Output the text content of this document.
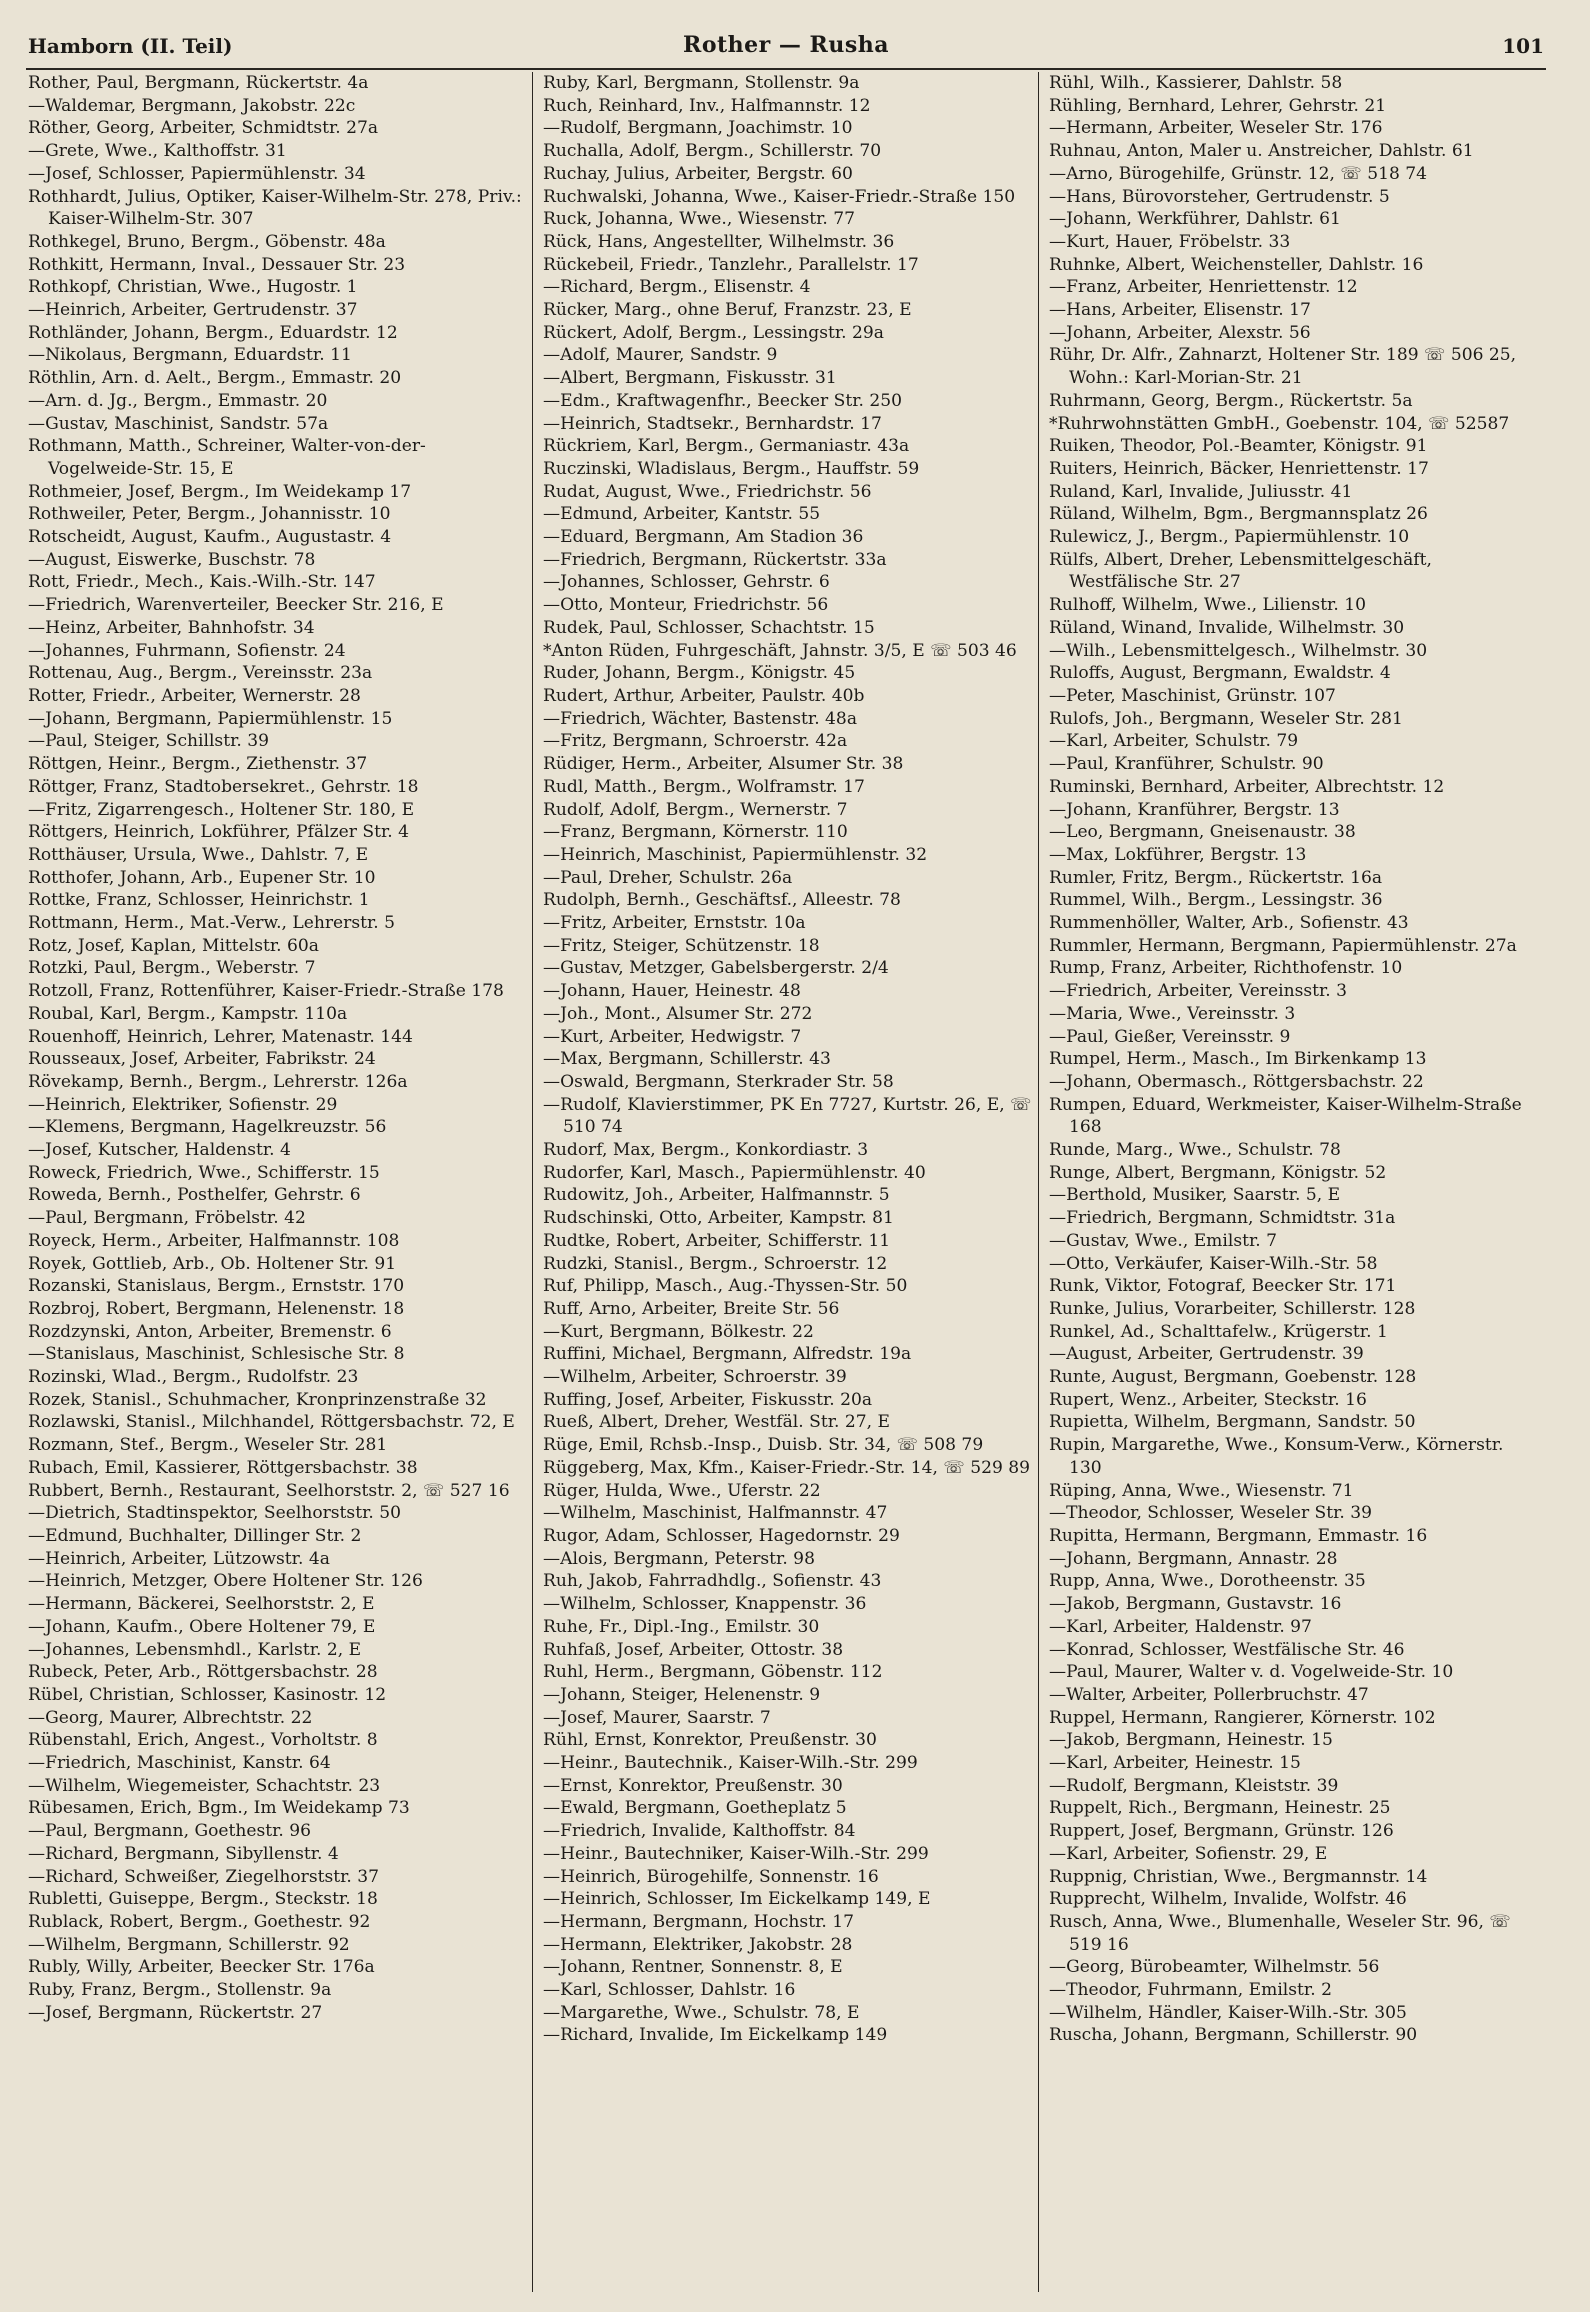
Hamborn (II. Teil)	Rother — Rusha	101
Rother, Paul, Bergmann, Rückertstr. 4a
—Waldemar, Bergmann, Jakobstr. 22c
Röther, Georg, Arbeiter, Schmidtstr. 27a
—Grete, Wwe., Kalthoffstr. 31
—Josef, Schlosser, Papiermühlenstr. 34
Rothhardt, Julius, Optiker, Kaiser-Wilhelm-Str. 278, Priv.: Kaiser-Wilhelm-Str. 307
Rothkegel, Bruno, Bergm., Göbenstr. 48a
Rothkitt, Hermann, Inval., Dessauer Str. 23
Rothkopf, Christian, Wwe., Hugostr. 1
—Heinrich, Arbeiter, Gertrudenstr. 37
Rothländer, Johann, Bergm., Eduardstr. 12
—Nikolaus, Bergmann, Eduardstr. 11
Röthlin, Arn. d. Aelt., Bergm., Emmastr. 20
—Arn. d. Jg., Bergm., Emmastr. 20
—Gustav, Maschinist, Sandstr. 57a
Rothmann, Matth., Schreiner, Walter-von-der-Vogelweide-Str. 15, E
Rothmeier, Josef, Bergm., Im Weidekamp 17
Rothweiler, Peter, Bergm., Johannisstr. 10
Rotscheidt, August, Kaufm., Augustastr. 4
—August, Eiswerke, Buschstr. 78
Rott, Friedr., Mech., Kais.-Wilh.-Str. 147
—Friedrich, Warenverteiler, Beecker Str. 216, E
—Heinz, Arbeiter, Bahnhofstr. 34
—Johannes, Fuhrmann, Sofienstr. 24
Rottenau, Aug., Bergm., Vereinsstr. 23a
Rotter, Friedr., Arbeiter, Wernerstr. 28
—Johann, Bergmann, Papiermühlenstr. 15
—Paul, Steiger, Schillstr. 39
Röttgen, Heinr., Bergm., Ziethenstr. 37
Röttger, Franz, Stadtobersekret., Gehrstr. 18
—Fritz, Zigarrengesch., Holtener Str. 180, E
Röttgers, Heinrich, Lokführer, Pfälzer Str. 4
Rotthäuser, Ursula, Wwe., Dahlstr. 7, E
Rotthofer, Johann, Arb., Eupener Str. 10
Rottke, Franz, Schlosser, Heinrichstr. 1
Rottmann, Herm., Mat.-Verw., Lehrerstr. 5
Rotz, Josef, Kaplan, Mittelstr. 60a
Rotzki, Paul, Bergm., Weberstr. 7
Rotzoll, Franz, Rottenführer, Kaiser-Friedr.-Straße 178
Roubal, Karl, Bergm., Kampstr. 110a
Rouenhoff, Heinrich, Lehrer, Matenastr. 144
Rousseaux, Josef, Arbeiter, Fabrikstr. 24
Rövekamp, Bernh., Bergm., Lehrerstr. 126a
—Heinrich, Elektriker, Sofienstr. 29
—Klemens, Bergmann, Hagelkreuzstr. 56
—Josef, Kutscher, Haldenstr. 4
Roweck, Friedrich, Wwe., Schifferstr. 15
Roweda, Bernh., Posthelfer, Gehrstr. 6
—Paul, Bergmann, Fröbelstr. 42
Royeck, Herm., Arbeiter, Halfmannstr. 108
Royek, Gottlieb, Arb., Ob. Holtener Str. 91
Rozanski, Stanislaus, Bergm., Ernststr. 170
Rozbroj, Robert, Bergmann, Helenenstr. 18
Rozdzynski, Anton, Arbeiter, Bremenstr. 6
—Stanislaus, Maschinist, Schlesische Str. 8
Rozinski, Wlad., Bergm., Rudolfstr. 23
Rozek, Stanisl., Schuhmacher, Kronprinzenstraße 32
Rozlawski, Stanisl., Milchhandel, Röttgersbachstr. 72, E
Rozmann, Stef., Bergm., Weseler Str. 281
Rubach, Emil, Kassierer, Röttgersbachstr. 38
Rubbert, Bernh., Restaurant, Seelhorststr. 2, ☏ 527 16
—Dietrich, Stadtinspektor, Seelhorststr. 50
—Edmund, Buchhalter, Dillinger Str. 2
—Heinrich, Arbeiter, Lützowstr. 4a
—Heinrich, Metzger, Obere Holtener Str. 126
—Hermann, Bäckerei, Seelhorststr. 2, E
—Johann, Kaufm., Obere Holtener 79, E
—Johannes, Lebensmhdl., Karlstr. 2, E
Rubeck, Peter, Arb., Röttgersbachstr. 28
Rübel, Christian, Schlosser, Kasinostr. 12
—Georg, Maurer, Albrechtstr. 22
Rübenstahl, Erich, Angest., Vorholtstr. 8
—Friedrich, Maschinist, Kanstr. 64
—Wilhelm, Wiegemeister, Schachtstr. 23
Rübesamen, Erich, Bgm., Im Weidekamp 73
—Paul, Bergmann, Goethestr. 96
—Richard, Bergmann, Sibyllenstr. 4
—Richard, Schweißer, Ziegelhorststr. 37
Rubletti, Guiseppe, Bergm., Steckstr. 18
Rublack, Robert, Bergm., Goethestr. 92
—Wilhelm, Bergmann, Schillerstr. 92
Rubly, Willy, Arbeiter, Beecker Str. 176a
Ruby, Franz, Bergm., Stollenstr. 9a
—Josef, Bergmann, Rückertstr. 27
Ruby, Karl, Bergmann, Stollenstr. 9a
Ruch, Reinhard, Inv., Halfmannstr. 12
—Rudolf, Bergmann, Joachimstr. 10
Ruchalla, Adolf, Bergm., Schillerstr. 70
Ruchay, Julius, Arbeiter, Bergstr. 60
Ruchwalski, Johanna, Wwe., Kaiser-Friedr.-Straße 150
Ruck, Johanna, Wwe., Wiesenstr. 77
Rück, Hans, Angestellter, Wilhelmstr. 36
Rückebeil, Friedr., Tanzlehr., Parallelstr. 17
—Richard, Bergm., Elisenstr. 4
Rücker, Marg., ohne Beruf, Franzstr. 23, E
Rückert, Adolf, Bergm., Lessingstr. 29a
—Adolf, Maurer, Sandstr. 9
—Albert, Bergmann, Fiskusstr. 31
—Edm., Kraftwagenfhr., Beecker Str. 250
—Heinrich, Stadtsekr., Bernhardstr. 17
Rückriem, Karl, Bergm., Germaniastr. 43a
Ruczinski, Wladislaus, Bergm., Hauffstr. 59
Rudat, August, Wwe., Friedrichstr. 56
—Edmund, Arbeiter, Kantstr. 55
—Eduard, Bergmann, Am Stadion 36
—Friedrich, Bergmann, Rückertstr. 33a
—Johannes, Schlosser, Gehrstr. 6
—Otto, Monteur, Friedrichstr. 56
Rudek, Paul, Schlosser, Schachtstr. 15
*Anton Rüden, Fuhrgeschäft, Jahnstr. 3/5, E ☏ 503 46
Ruder, Johann, Bergm., Königstr. 45
Rudert, Arthur, Arbeiter, Paulstr. 40b
—Friedrich, Wächter, Bastenstr. 48a
—Fritz, Bergmann, Schroerstr. 42a
Rüdiger, Herm., Arbeiter, Alsumer Str. 38
Rudl, Matth., Bergm., Wolframstr. 17
Rudolf, Adolf, Bergm., Wernerstr. 7
—Franz, Bergmann, Körnerstr. 110
—Heinrich, Maschinist, Papiermühlenstr. 32
—Paul, Dreher, Schulstr. 26a
Rudolph, Bernh., Geschäftsf., Alleestr. 78
—Fritz, Arbeiter, Ernststr. 10a
—Fritz, Steiger, Schützenstr. 18
—Gustav, Metzger, Gabelsbergerstr. 2/4
—Johann, Hauer, Heinestr. 48
—Joh., Mont., Alsumer Str. 272
—Kurt, Arbeiter, Hedwigstr. 7
—Max, Bergmann, Schillerstr. 43
—Oswald, Bergmann, Sterkrader Str. 58
—Rudolf, Klavierstimmer, PK En 7727, Kurtstr. 26, E, ☏ 510 74
Rudorf, Max, Bergm., Konkordiastr. 3
Rudorfer, Karl, Masch., Papiermühlenstr. 40
Rudowitz, Joh., Arbeiter, Halfmannstr. 5
Rudschinski, Otto, Arbeiter, Kampstr. 81
Rudtke, Robert, Arbeiter, Schifferstr. 11
Rudzki, Stanisl., Bergm., Schroerstr. 12
Ruf, Philipp, Masch., Aug.-Thyssen-Str. 50
Ruff, Arno, Arbeiter, Breite Str. 56
—Kurt, Bergmann, Bölkestr. 22
Ruffini, Michael, Bergmann, Alfredstr. 19a
—Wilhelm, Arbeiter, Schroerstr. 39
Ruffing, Josef, Arbeiter, Fiskusstr. 20a
Rueß, Albert, Dreher, Westfäl. Str. 27, E
Rüge, Emil, Rchsb.-Insp., Duisb. Str. 34, ☏ 508 79
Rüggeberg, Max, Kfm., Kaiser-Friedr.-Str. 14, ☏ 529 89
Rüger, Hulda, Wwe., Uferstr. 22
—Wilhelm, Maschinist, Halfmannstr. 47
Rugor, Adam, Schlosser, Hagedornstr. 29
—Alois, Bergmann, Peterstr. 98
Ruh, Jakob, Fahrradhdlg., Sofienstr. 43
—Wilhelm, Schlosser, Knappenstr. 36
Ruhe, Fr., Dipl.-Ing., Emilstr. 30
Ruhfaß, Josef, Arbeiter, Ottostr. 38
Ruhl, Herm., Bergmann, Göbenstr. 112
—Johann, Steiger, Helenenstr. 9
—Josef, Maurer, Saarstr. 7
Rühl, Ernst, Konrektor, Preußenstr. 30
—Heinr., Bautechnik., Kaiser-Wilh.-Str. 299
—Ernst, Konrektor, Preußenstr. 30
—Ewald, Bergmann, Goetheplatz 5
—Friedrich, Invalide, Kalthoffstr. 84
—Heinr., Bautechniker, Kaiser-Wilh.-Str. 299
—Heinrich, Bürogehilfe, Sonnenstr. 16
—Heinrich, Schlosser, Im Eickelkamp 149, E
—Hermann, Bergmann, Hochstr. 17
—Hermann, Elektriker, Jakobstr. 28
—Johann, Rentner, Sonnenstr. 8, E
—Karl, Schlosser, Dahlstr. 16
—Margarethe, Wwe., Schulstr. 78, E
—Richard, Invalide, Im Eickelkamp 149
Rühl, Wilh., Kassierer, Dahlstr. 58
Rühling, Bernhard, Lehrer, Gehrstr. 21
—Hermann, Arbeiter, Weseler Str. 176
Ruhnau, Anton, Maler u. Anstreicher, Dahlstr. 61
—Arno, Bürogehilfe, Grünstr. 12, ☏ 518 74
—Hans, Bürovorsteher, Gertrudenstr. 5
—Johann, Werkführer, Dahlstr. 61
—Kurt, Hauer, Fröbelstr. 33
Ruhnke, Albert, Weichensteller, Dahlstr. 16
—Franz, Arbeiter, Henriettenstr. 12
—Hans, Arbeiter, Elisenstr. 17
—Johann, Arbeiter, Alexstr. 56
Rühr, Dr. Alfr., Zahnarzt, Holtener Str. 189 ☏ 506 25, Wohn.: Karl-Morian-Str. 21
Ruhrmann, Georg, Bergm., Rückertstr. 5a
*Ruhrwohnstätten GmbH., Goebenstr. 104, ☏ 52587
Ruiken, Theodor, Pol.-Beamter, Königstr. 91
Ruiters, Heinrich, Bäcker, Henriettenstr. 17
Ruland, Karl, Invalide, Juliusstr. 41
Rüland, Wilhelm, Bgm., Bergmannsplatz 26
Rulewicz, J., Bergm., Papiermühlenstr. 10
Rülfs, Albert, Dreher, Lebensmittelgeschäft, Westfälische Str. 27
Rulhoff, Wilhelm, Wwe., Lilienstr. 10
Rüland, Winand, Invalide, Wilhelmstr. 30
—Wilh., Lebensmittelgesch., Wilhelmstr. 30
Ruloffs, August, Bergmann, Ewaldstr. 4
—Peter, Maschinist, Grünstr. 107
Rulofs, Joh., Bergmann, Weseler Str. 281
—Karl, Arbeiter, Schulstr. 79
—Paul, Kranführer, Schulstr. 90
Ruminski, Bernhard, Arbeiter, Albrechtstr. 12
—Johann, Kranführer, Bergstr. 13
—Leo, Bergmann, Gneisenaustr. 38
—Max, Lokführer, Bergstr. 13
Rumler, Fritz, Bergm., Rückertstr. 16a
Rummel, Wilh., Bergm., Lessingstr. 36
Rummenhöller, Walter, Arb., Sofienstr. 43
Rummler, Hermann, Bergmann, Papiermühlenstr. 27a
Rump, Franz, Arbeiter, Richthofenstr. 10
—Friedrich, Arbeiter, Vereinsstr. 3
—Maria, Wwe., Vereinsstr. 3
—Paul, Gießer, Vereinsstr. 9
Rumpel, Herm., Masch., Im Birkenkamp 13
—Johann, Obermasch., Röttgersbachstr. 22
Rumpen, Eduard, Werkmeister, Kaiser-Wilhelm-Straße 168
Runde, Marg., Wwe., Schulstr. 78
Runge, Albert, Bergmann, Königstr. 52
—Berthold, Musiker, Saarstr. 5, E
—Friedrich, Bergmann, Schmidtstr. 31a
—Gustav, Wwe., Emilstr. 7
—Otto, Verkäufer, Kaiser-Wilh.-Str. 58
Runk, Viktor, Fotograf, Beecker Str. 171
Runke, Julius, Vorarbeiter, Schillerstr. 128
Runkel, Ad., Schalttafelw., Krügerstr. 1
—August, Arbeiter, Gertrudenstr. 39
Runte, August, Bergmann, Goebenstr. 128
Rupert, Wenz., Arbeiter, Steckstr. 16
Rupietta, Wilhelm, Bergmann, Sandstr. 50
Rupin, Margarethe, Wwe., Konsum-Verw., Körnerstr. 130
Rüping, Anna, Wwe., Wiesenstr. 71
—Theodor, Schlosser, Weseler Str. 39
Rupitta, Hermann, Bergmann, Emmastr. 16
—Johann, Bergmann, Annastr. 28
Rupp, Anna, Wwe., Dorotheenstr. 35
—Jakob, Bergmann, Gustavstr. 16
—Karl, Arbeiter, Haldenstr. 97
—Konrad, Schlosser, Westfälische Str. 46
—Paul, Maurer, Walter v. d. Vogelweide-Str. 10
—Walter, Arbeiter, Pollerbruchstr. 47
Ruppel, Hermann, Rangierer, Körnerstr. 102
—Jakob, Bergmann, Heinestr. 15
—Karl, Arbeiter, Heinestr. 15
—Rudolf, Bergmann, Kleiststr. 39
Ruppelt, Rich., Bergmann, Heinestr. 25
Ruppert, Josef, Bergmann, Grünstr. 126
—Karl, Arbeiter, Sofienstr. 29, E
Ruppnig, Christian, Wwe., Bergmannstr. 14
Rupprecht, Wilhelm, Invalide, Wolfstr. 46
Rusch, Anna, Wwe., Blumenhalle, Weseler Str. 96, ☏ 519 16
—Georg, Bürobeamter, Wilhelmstr. 56
—Theodor, Fuhrmann, Emilstr. 2
—Wilhelm, Händler, Kaiser-Wilh.-Str. 305
Ruscha, Johann, Bergmann, Schillerstr. 90
